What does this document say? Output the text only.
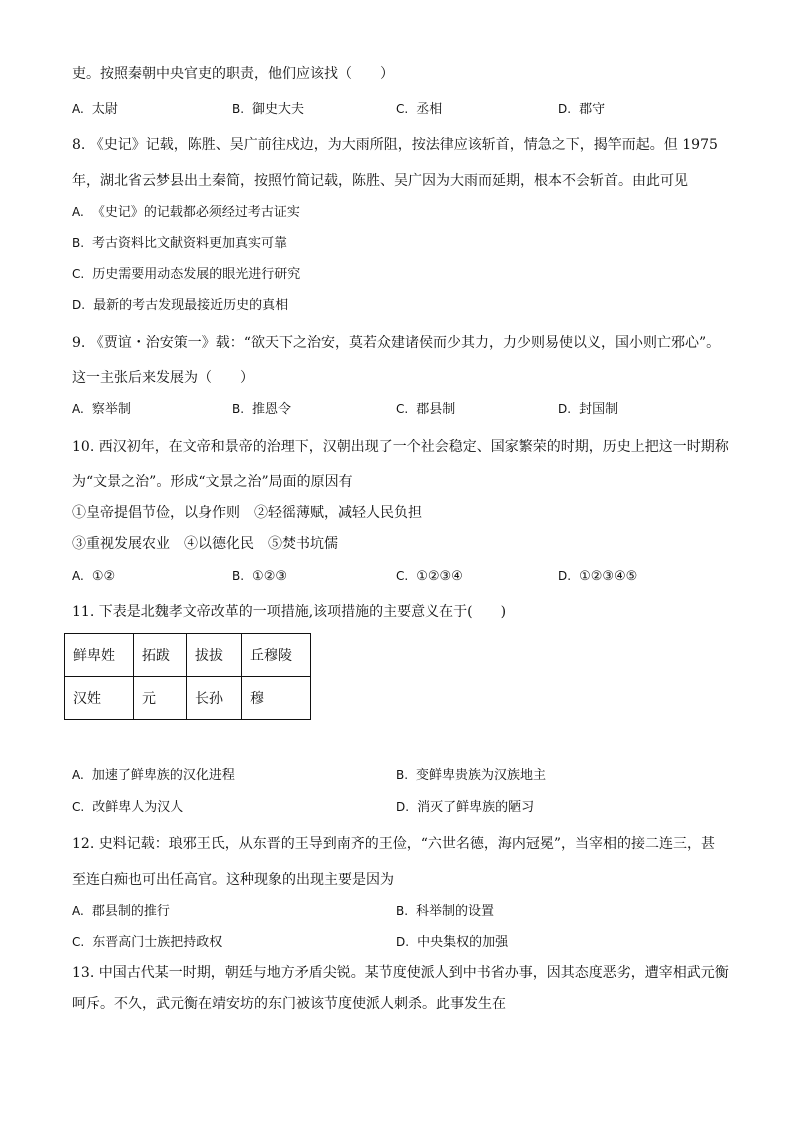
吏。按照秦朝中央官吏的职责，他们应该找（　　）
A. 太尉	B. 御史大夫	C. 丞相	D. 郡守
8. 《史记》记载，陈胜、吴广前往戍边，为大雨所阻，按法律应该斩首，情急之下，揭竿而起。但 1975
年，湖北省云梦县出土秦简，按照竹简记载，陈胜、吴广因为大雨而延期，根本不会斩首。由此可见
A. 《史记》的记载都必须经过考古证实
B. 考古资料比文献资料更加真实可靠
C. 历史需要用动态发展的眼光进行研究
D. 最新的考古发现最接近历史的真相
9. 《贾谊・治安策一》载：“欲天下之治安，莫若众建诸侯而少其力，力少则易使以义，国小则亡邪心”。
这一主张后来发展为（　　）
A. 察举制	B. 推恩令	C. 郡县制	D. 封国制
10. 西汉初年，在文帝和景帝的治理下，汉朝出现了一个社会稳定、国家繁荣的时期，历史上把这一时期称
为“文景之治”。形成“文景之治”局面的原因有
①皇帝提倡节俭，以身作则　②轻徭薄赋，减轻人民负担
③重视发展农业　④以德化民　⑤焚书坑儒
A. ①②	B. ①②③	C. ①②③④	D. ①②③④⑤
11. 下表是北魏孝文帝改革的一项措施,该项措施的主要意义在于(　　)
鲜卑姓	拓跋	拔拔	丘穆陵
汉姓	元	长孙	穆
A. 加速了鲜卑族的汉化进程	B. 变鲜卑贵族为汉族地主
C. 改鲜卑人为汉人	D. 消灭了鲜卑族的陋习
12. 史料记载：琅邪王氏，从东晋的王导到南齐的王俭，“六世名德，海内冠冕”，当宰相的接二连三，甚
至连白痴也可出任高官。这种现象的出现主要是因为
A. 郡县制的推行	B. 科举制的设置
C. 东晋高门士族把持政权	D. 中央集权的加强
13. 中国古代某一时期，朝廷与地方矛盾尖锐。某节度使派人到中书省办事，因其态度恶劣，遭宰相武元衡
呵斥。不久，武元衡在靖安坊的东门被该节度使派人刺杀。此事发生在
